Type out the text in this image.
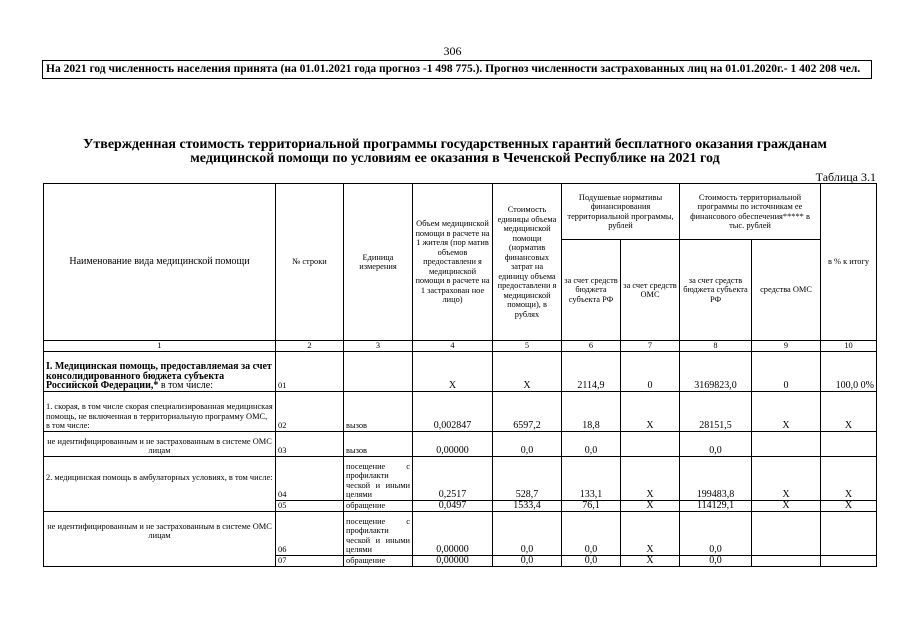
306
На 2021 год численность населения принята (на 01.01.2021 года прогноз -1 498 775.). Прогноз численности застрахованных лиц на 01.01.2020г.- 1 402 208 чел.
Утвержденная стоимость территориальной программы государственных гарантий бесплатного оказания гражданам медицинской помощи по условиям ее оказания в Чеченской Республике на 2021 год
Таблица 3.1
Наименование вида медицинской помощи	№ строки	Единица измерения	Объем медицинской помощи в расчете на 1 жителя (пор матив объемов предоставлени я медицинской помощи в расчете на 1 застрахован ное лицо)	Стоимость единицы объема медицинской помощи (норматив финансовых затрат на единицу объема предоставлени я медицинской помощи), в рублях	Подушевые нормативы финансирования территориальной программы, рублей		Стоимость территориальной программы по источникам ее финансового обеспечения***** в тыс. рублей		в % к итогу
					за счет средств бюджета субъекта РФ	за счет средств ОМС	за счет средств бюджета субъекта РФ	средства ОМС	
1	2	3	4	5	6	7	8	9	10
I. Медицинская помощь, предоставляемая за счет консолидированного бюджета субъекта Российской Федерации,* в том числе:	01		Х	Х	2114,9	0	3169823,0	0	100,0 0%
1. скорая, в том числе скорая специализированная медицинская помощь, не включенная в территориальную программу ОМС, в том числе:	02	вызов	0,002847	6597,2	18,8	Х	28151,5	Х	Х
не идентифицированным и не застрахованным в системе ОМС лицам	03	вызов	0,00000	0,0	0,0		0,0		
2. медицинская помощь в амбулаторных условиях, в том числе:	04	посещение с профилакти ческой и иными целями	0,2517	528,7	133,1	Х	199483,8	Х	Х
	05	обращение	0,0497	1533,4	76,1	Х	114129,1	Х	Х
не идентифицированным и не застрахованным в системе ОМС лицам	06	посещение с профилакти ческой и иными целями	0,00000	0,0	0,0	Х	0,0		
	07	обращение	0,00000	0,0	0,0	Х	0,0		
